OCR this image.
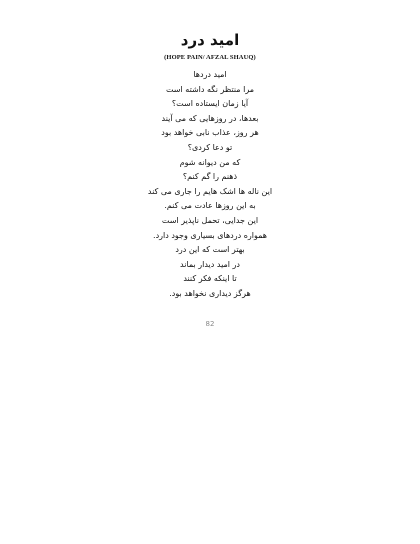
امید درد

(HOPE PAIN/ AFZAL SHAUQ)

امید دردها
مرا منتظر نگه داشته است
آیا زمان ایستاده است؟
بعدها، در روزهایی که می آیند
هر روز، عذاب نابی خواهد بود
تو دعا کردی؟
که من دیوانه شوم
ذهنم را گم کنم؟
این ناله ها اشک هایم را جاری می کند
به این روزها عادت می کنم.
این جدایی، تحمل ناپذیر است
همواره دردهای بسیاری وجود دارد.
بهتر است که این درد
در امید دیدار بماند
تا اینکه فکر کنند
هرگز دیداری نخواهد بود.

82
